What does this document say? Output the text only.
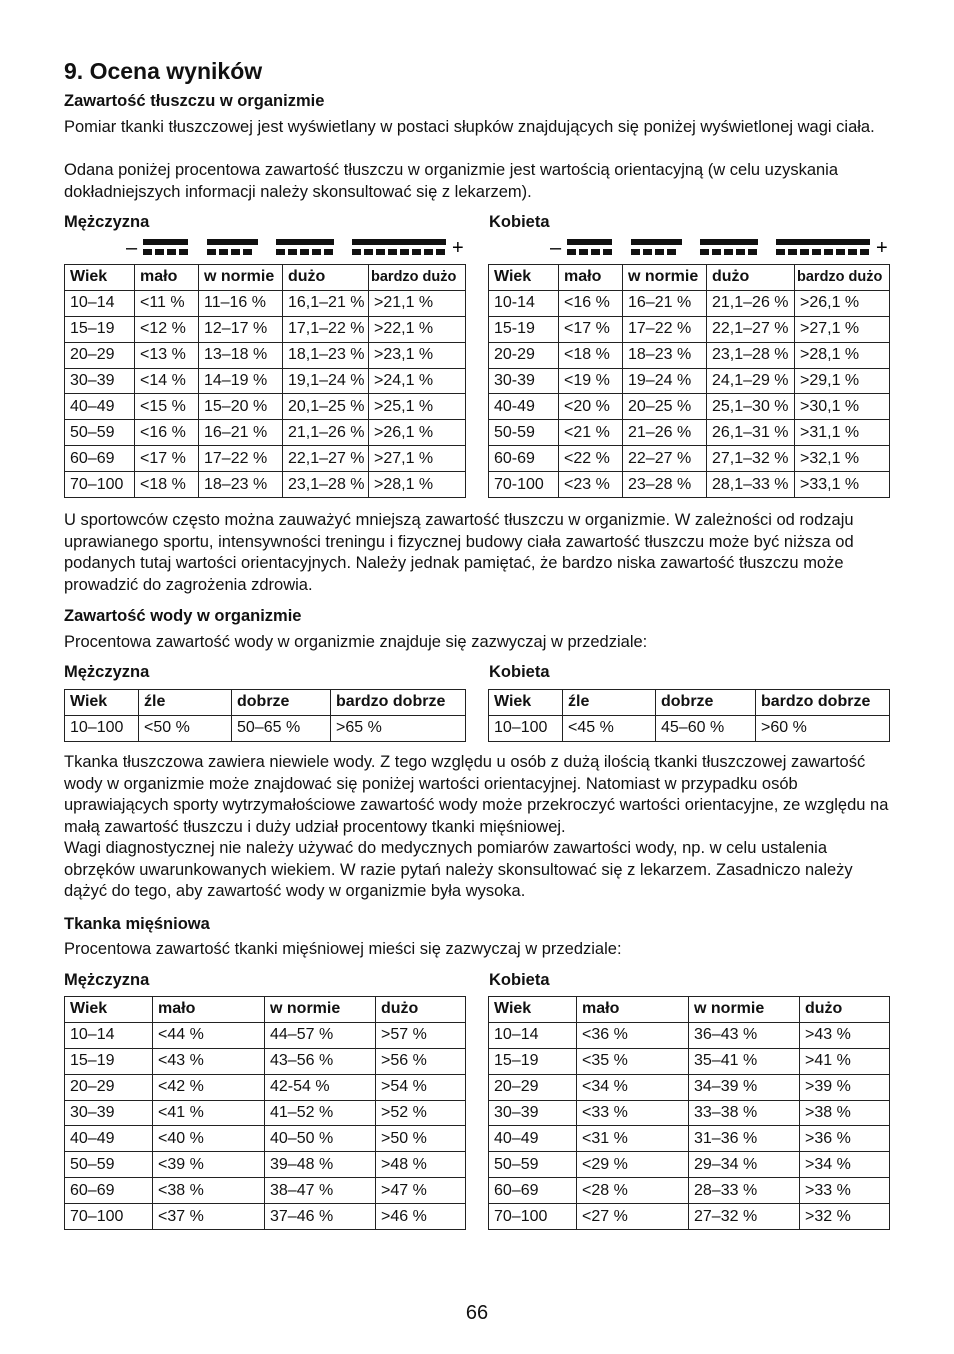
9. Ocena wyników
Zawartość tłuszczu w organizmie

Pomiar tkanki tłuszczowej jest wyświetlany w postaci słupków znajdujących się poniżej wyświetlonej wagi ciała.

Odana poniżej procentowa zawartość tłuszczu w organizmie jest wartością orientacyjną (w celu uzyskania dokładniejszych informacji należy skonsultować się z lekarzem).

Mężczyzna	Kobieta
–	+	–	+
Wiek	mało	w normie	dużo	bardzo dużo
10–14	<11 %	11–16 %	16,1–21 %	>21,1 %
15–19	<12 %	12–17 %	17,1–22 %	>22,1 %
20–29	<13 %	13–18 %	18,1–23 %	>23,1 %
30–39	<14 %	14–19 %	19,1–24 %	>24,1 %
40–49	<15 %	15–20 %	20,1–25 %	>25,1 %
50–59	<16 %	16–21 %	21,1–26 %	>26,1 %
60–69	<17 %	17–22 %	22,1–27 %	>27,1 %
70–100	<18 %	18–23 %	23,1–28 %	>28,1 %
Wiek	mało	w normie	dużo	bardzo dużo
10-14	<16 %	16–21 %	21,1–26 %	>26,1 %
15-19	<17 %	17–22 %	22,1–27 %	>27,1 %
20-29	<18 %	18–23 %	23,1–28 %	>28,1 %
30-39	<19 %	19–24 %	24,1–29 %	>29,1 %
40-49	<20 %	20–25 %	25,1–30 %	>30,1 %
50-59	<21 %	21–26 %	26,1–31 %	>31,1 %
60-69	<22 %	22–27 %	27,1–32 %	>32,1 %
70-100	<23 %	23–28 %	28,1–33 %	>33,1 %

U sportowców często można zauważyć mniejszą zawartość tłuszczu w organizmie. W zależności od rodzaju uprawianego sportu, intensywności treningu i fizycznej budowy ciała zawartość tłuszczu może być niższa od podanych tutaj wartości orientacyjnych. Należy jednak pamiętać, że bardzo niska zawartość tłuszczu może prowadzić do zagrożenia zdrowia.

Zawartość wody w organizmie

Procentowa zawartość wody w organizmie znajduje się zazwyczaj w przedziale:

Mężczyzna	Kobieta
Wiek	źle	dobrze	bardzo dobrze
10–100	<50 %	50–65 %	>65 %
Wiek	źle	dobrze	bardzo dobrze
10–100	<45 %	45–60 %	>60 %

Tkanka tłuszczowa zawiera niewiele wody. Z tego względu u osób z dużą ilością tkanki tłuszczowej zawartość wody w organizmie może znajdować się poniżej wartości orientacyjnej. Natomiast w przypadku osób uprawiających sporty wytrzymałościowe zawartość wody może przekroczyć wartości orientacyjne, ze względu na małą zawartość tłuszczu i duży udział procentowy tkanki mięśniowej.

Wagi diagnostycznej nie należy używać do medycznych pomiarów zawartości wody, np. w celu ustalenia obrzęków uwarunkowanych wiekiem. W razie pytań należy skonsultować się z lekarzem. Zasadniczo należy dążyć do tego, aby zawartość wody w organizmie była wysoka.

Tkanka mięśniowa

Procentowa zawartość tkanki mięśniowej mieści się zazwyczaj w przedziale:

Mężczyzna	Kobieta
Wiek	mało	w normie	dużo
10–14	<44 %	44–57 %	>57 %
15–19	<43 %	43–56 %	>56 %
20–29	<42 %	42-54 %	>54 %
30–39	<41 %	41–52 %	>52 %
40–49	<40 %	40–50 %	>50 %
50–59	<39 %	39–48 %	>48 %
60–69	<38 %	38–47 %	>47 %
70–100	<37 %	37–46 %	>46 %
Wiek	mało	w normie	dużo
10–14	<36 %	36–43 %	>43 %
15–19	<35 %	35–41 %	>41 %
20–29	<34 %	34–39 %	>39 %
30–39	<33 %	33–38 %	>38 %
40–49	<31 %	31–36 %	>36 %
50–59	<29 %	29–34 %	>34 %
60–69	<28 %	28–33 %	>33 %
70–100	<27 %	27–32 %	>32 %
66
